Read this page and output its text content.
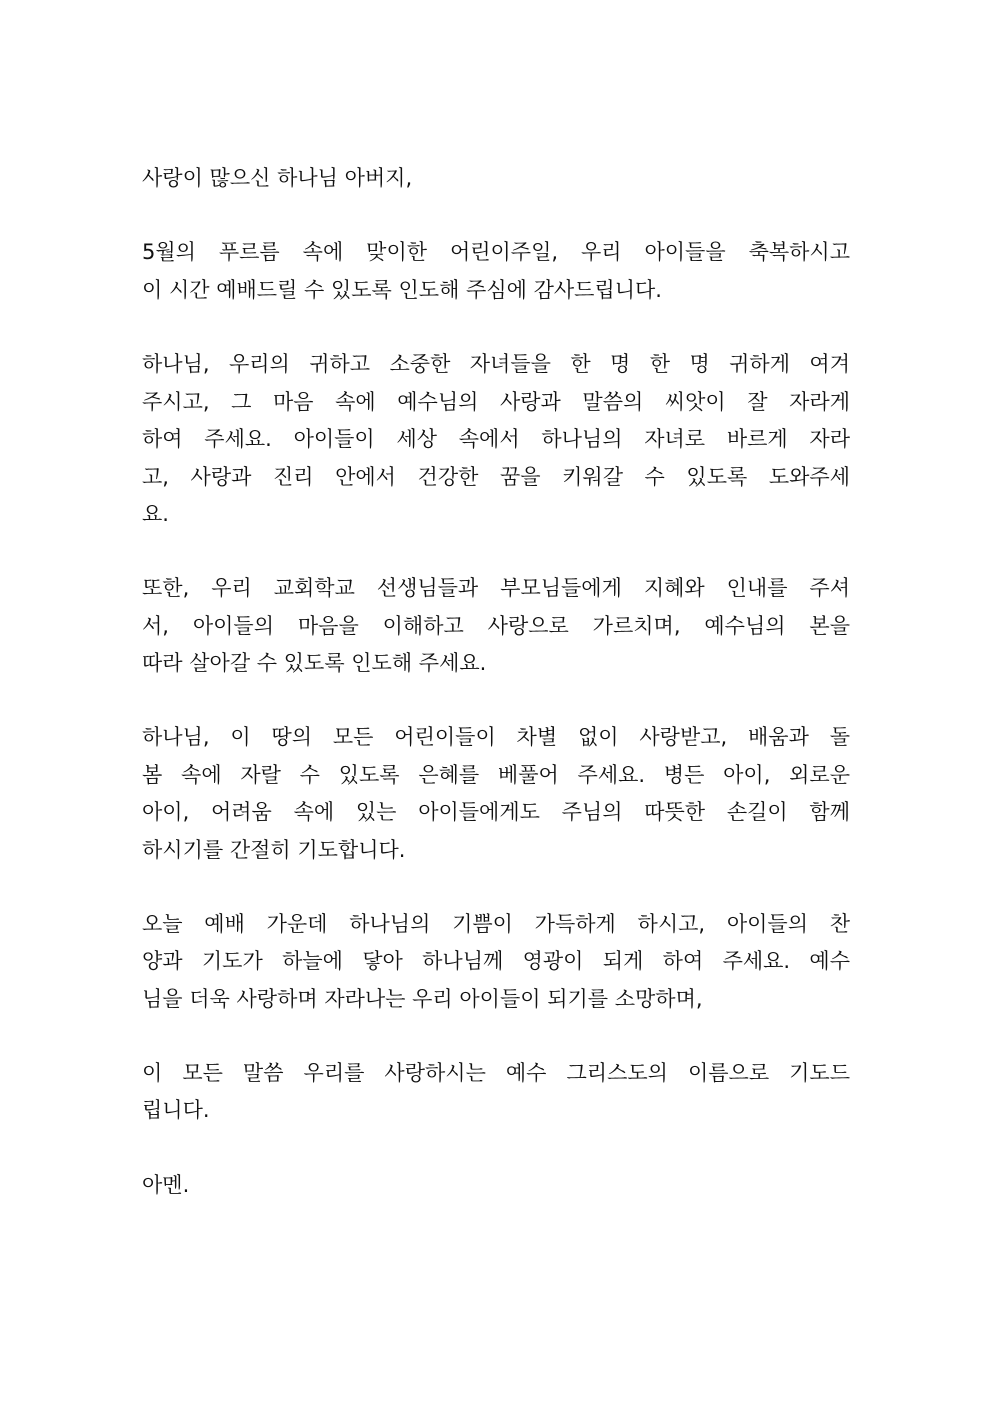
사랑이 많으신 하나님 아버지,

5월의 푸르름 속에 맞이한 어린이주일, 우리 아이들을 축복하시고

이 시간 예배드릴 수 있도록 인도해 주심에 감사드립니다.

하나님, 우리의 귀하고 소중한 자녀들을 한 명 한 명 귀하게 여겨

주시고, 그 마음 속에 예수님의 사랑과 말씀의 씨앗이 잘 자라게

하여 주세요. 아이들이 세상 속에서 하나님의 자녀로 바르게 자라

고, 사랑과 진리 안에서 건강한 꿈을 키워갈 수 있도록 도와주세

요.

또한, 우리 교회학교 선생님들과 부모님들에게 지혜와 인내를 주셔

서, 아이들의 마음을 이해하고 사랑으로 가르치며, 예수님의 본을

따라 살아갈 수 있도록 인도해 주세요.

하나님, 이 땅의 모든 어린이들이 차별 없이 사랑받고, 배움과 돌

봄 속에 자랄 수 있도록 은혜를 베풀어 주세요. 병든 아이, 외로운

아이, 어려움 속에 있는 아이들에게도 주님의 따뜻한 손길이 함께

하시기를 간절히 기도합니다.

오늘 예배 가운데 하나님의 기쁨이 가득하게 하시고, 아이들의 찬

양과 기도가 하늘에 닿아 하나님께 영광이 되게 하여 주세요. 예수

님을 더욱 사랑하며 자라나는 우리 아이들이 되기를 소망하며,

이 모든 말씀 우리를 사랑하시는 예수 그리스도의 이름으로 기도드

립니다.

아멘.
